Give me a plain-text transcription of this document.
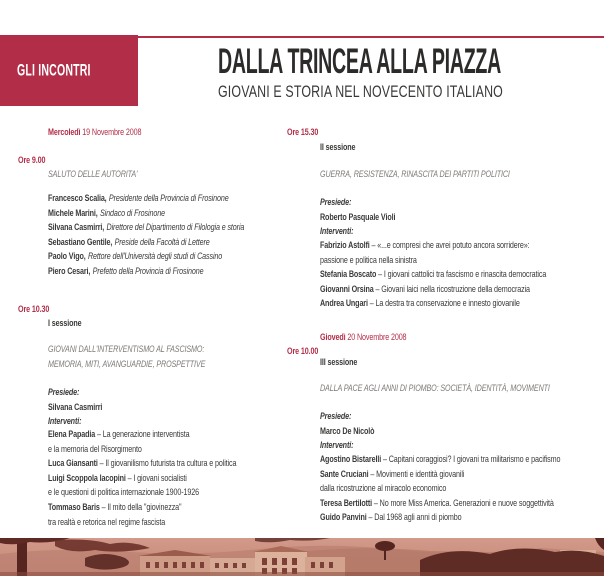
GLI INCONTRI	DALLA TRINCEA ALLA PIAZZA
GIOVANI E STORIA NEL NOVECENTO ITALIANO
Mercoledì 19 Novembre 2008
Ore 9.00
SALUTO DELLE AUTORITA'
Francesco Scalia, Presidente della Provincia di Frosinone
Michele Marini, Sindaco di Frosinone
Silvana Casmirri, Direttore del Dipartimento di Filologia e storia
Sebastiano Gentile, Preside della Facoltà di Lettere
Paolo Vigo, Rettore dell'Università degli studi di Cassino
Piero Cesari, Prefetto della Provincia di Frosinone
Ore 10.30
I sessione
GIOVANI DALL'INTERVENTISMO AL FASCISMO:
MEMORIA, MITI, AVANGUARDIE, PROSPETTIVE
Presiede:
Silvana Casmirri
Interventi:
Elena Papadia – La generazione interventista
e la memoria del Risorgimento
Luca Giansanti – Il giovanilismo futurista tra cultura e politica
Luigi Scoppola Iacopini – I giovani socialisti
e le questioni di politica internazionale 1900-1926
Tommaso Baris – Il mito della "giovinezza"
tra realtà e retorica nel regime fascista
Ore 15.30
II sessione
GUERRA, RESISTENZA, RINASCITA DEI PARTITI POLITICI
Presiede:
Roberto Pasquale Violi
Interventi:
Fabrizio Astolfi – «...e compresi che avrei potuto ancora sorridere»:
passione e politica nella sinistra
Stefania Boscato – I giovani cattolici tra fascismo e rinascita democratica
Giovanni Orsina – Giovani laici nella ricostruzione della democrazia
Andrea Ungari – La destra tra conservazione e innesto giovanile
Giovedì 20 Novembre 2008
Ore 10.00
III sessione
DALLA PACE AGLI ANNI DI PIOMBO: SOCIETÀ, IDENTITÀ, MOVIMENTI
Presiede:
Marco De Nicolò
Interventi:
Agostino Bistarelli – Capitani coraggiosi? I giovani tra militarismo e pacifismo
Sante Cruciani – Movimenti e identità giovanili
dalla ricostruzione al miracolo economico
Teresa Bertilotti – No more Miss America. Generazioni e nuove soggettività
Guido Panvini – Dal 1968 agli anni di piombo
